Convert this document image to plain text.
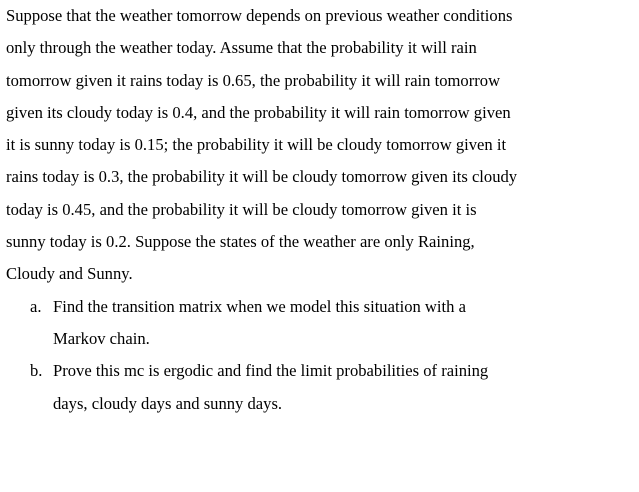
Suppose that the weather tomorrow depends on previous weather conditions
only through the weather today. Assume that the probability it will rain
tomorrow given it rains today is 0.65, the probability it will rain tomorrow
given its cloudy today is 0.4, and the probability it will rain tomorrow given
it is sunny today is 0.15; the probability it will be cloudy tomorrow given it
rains today is 0.3, the probability it will be cloudy tomorrow given its cloudy
today is 0.45, and the probability it will be cloudy tomorrow given it is
sunny today is 0.2. Suppose the states of the weather are only Raining,
Cloudy and Sunny.
a. Find the transition matrix when we model this situation with a
Markov chain.
b. Prove this mc is ergodic and find the limit probabilities of raining
days, cloudy days and sunny days.
